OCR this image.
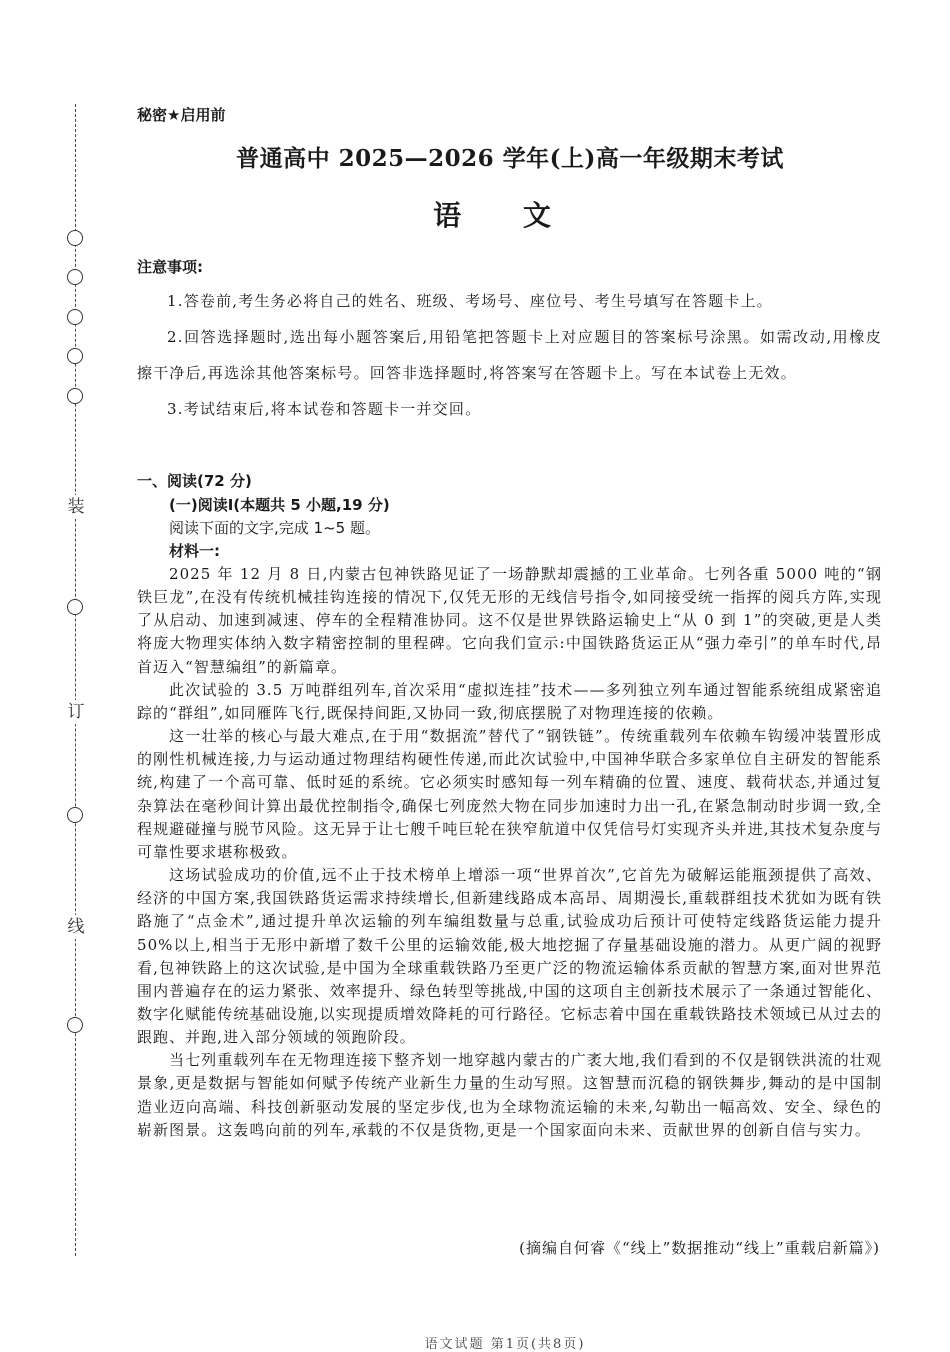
装
订
线
秘密★启用前
普通高中 2025—2026 学年(上)高一年级期末考试
语 文
注意事项:

1.答卷前,考生务必将自己的姓名、班级、考场号、座位号、考生号填写在答题卡上。

2.回答选择题时,选出每小题答案后,用铅笔把答题卡上对应题目的答案标号涂黑。如需改动,用橡皮擦干净后,再选涂其他答案标号。回答非选择题时,将答案写在答题卡上。写在本试卷上无效。

3.考试结束后,将本试卷和答题卡一并交回。

一、阅读(72 分)
(一)阅读Ⅰ(本题共 5 小题,19 分)
阅读下面的文字,完成 1~5 题。
材料一:

2025 年 12 月 8 日,内蒙古包神铁路见证了一场静默却震撼的工业革命。七列各重 5000 吨的“钢铁巨龙”,在没有传统机械挂钩连接的情况下,仅凭无形的无线信号指令,如同接受统一指挥的阅兵方阵,实现了从启动、加速到减速、停车的全程精准协同。这不仅是世界铁路运输史上“从 0 到 1”的突破,更是人类将庞大物理实体纳入数字精密控制的里程碑。它向我们宣示:中国铁路货运正从“强力牵引”的单车时代,昂首迈入“智慧编组”的新篇章。

此次试验的 3.5 万吨群组列车,首次采用“虚拟连挂”技术——多列独立列车通过智能系统组成紧密追踪的“群组”,如同雁阵飞行,既保持间距,又协同一致,彻底摆脱了对物理连接的依赖。

这一壮举的核心与最大难点,在于用“数据流”替代了“钢铁链”。传统重载列车依赖车钩缓冲装置形成的刚性机械连接,力与运动通过物理结构硬性传递,而此次试验中,中国神华联合多家单位自主研发的智能系统,构建了一个高可靠、低时延的系统。它必须实时感知每一列车精确的位置、速度、载荷状态,并通过复杂算法在毫秒间计算出最优控制指令,确保七列庞然大物在同步加速时力出一孔,在紧急制动时步调一致,全程规避碰撞与脱节风险。这无异于让七艘千吨巨轮在狭窄航道中仅凭信号灯实现齐头并进,其技术复杂度与可靠性要求堪称极致。

这场试验成功的价值,远不止于技术榜单上增添一项“世界首次”,它首先为破解运能瓶颈提供了高效、经济的中国方案,我国铁路货运需求持续增长,但新建线路成本高昂、周期漫长,重载群组技术犹如为既有铁路施了“点金术”,通过提升单次运输的列车编组数量与总重,试验成功后预计可使特定线路货运能力提升 50%以上,相当于无形中新增了数千公里的运输效能,极大地挖掘了存量基础设施的潜力。从更广阔的视野看,包神铁路上的这次试验,是中国为全球重载铁路乃至更广泛的物流运输体系贡献的智慧方案,面对世界范围内普遍存在的运力紧张、效率提升、绿色转型等挑战,中国的这项自主创新技术展示了一条通过智能化、数字化赋能传统基础设施,以实现提质增效降耗的可行路径。它标志着中国在重载铁路技术领域已从过去的跟跑、并跑,进入部分领域的领跑阶段。

当七列重载列车在无物理连接下整齐划一地穿越内蒙古的广袤大地,我们看到的不仅是钢铁洪流的壮观景象,更是数据与智能如何赋予传统产业新生力量的生动写照。这智慧而沉稳的钢铁舞步,舞动的是中国制造业迈向高端、科技创新驱动发展的坚定步伐,也为全球物流运输的未来,勾勒出一幅高效、安全、绿色的崭新图景。这轰鸣向前的列车,承载的不仅是货物,更是一个国家面向未来、贡献世界的创新自信与实力。

(摘编自何睿《“线上”数据推动“线上”重载启新篇》)
语文试题 第1页(共8页)
